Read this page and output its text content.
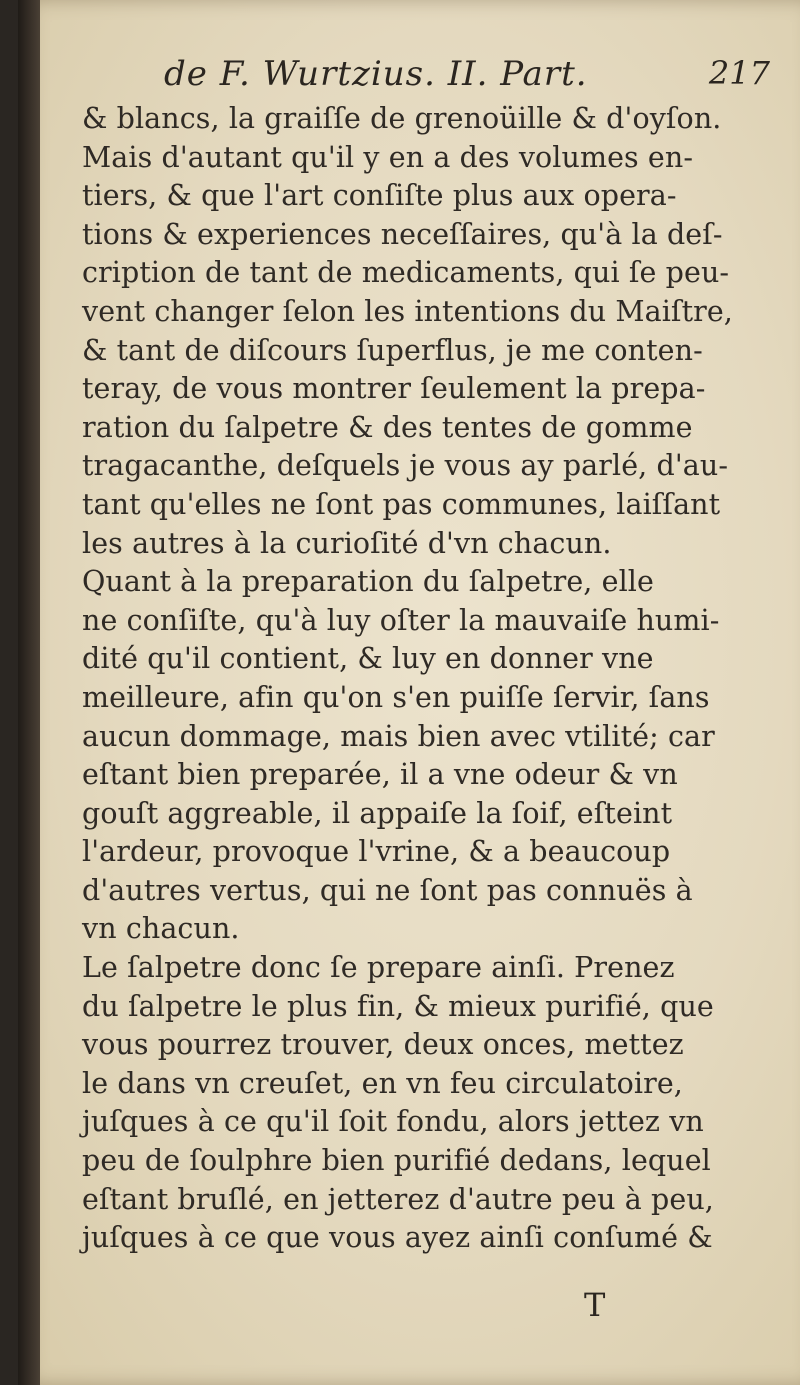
de F. Wurtzius. II. Part.	217
& blancs, la graiſſe de grenoüille & d'oyſon.
Mais d'autant qu'il y en a des volumes en-
tiers, & que l'art conſiſte plus aux opera-
tions & experiences neceſſaires, qu'à la deſ-
cription de tant de medicaments, qui ſe peu-
vent changer ſelon les intentions du Maiſtre,
& tant de diſcours ſuperflus, je me conten-
teray, de vous montrer ſeulement la prepa-
ration du ſalpetre & des tentes de gomme
tragacanthe, deſquels je vous ay parlé, d'au-
tant qu'elles ne ſont pas communes, laiſſant
les autres à la curioſité d'vn chacun.
Quant à la preparation du ſalpetre, elle
ne conſiſte, qu'à luy oſter la mauvaiſe humi-
dité qu'il contient, & luy en donner vne
meilleure, afin qu'on s'en puiſſe ſervir, ſans
aucun dommage, mais bien avec vtilité; car
eſtant bien preparée, il a vne odeur & vn
gouſt aggreable, il appaiſe la ſoif, eſteint
l'ardeur, provoque l'vrine, & a beaucoup
d'autres vertus, qui ne ſont pas connuës à
vn chacun.
Le ſalpetre donc ſe prepare ainſi. Prenez
du ſalpetre le plus fin, & mieux purifié, que
vous pourrez trouver, deux onces, mettez
le dans vn creuſet, en vn feu circulatoire,
juſques à ce qu'il ſoit fondu, alors jettez vn
peu de ſoulphre bien purifié dedans, lequel
eſtant bruſlé, en jetterez d'autre peu à peu,
juſques à ce que vous ayez ainſi conſumé &
T
